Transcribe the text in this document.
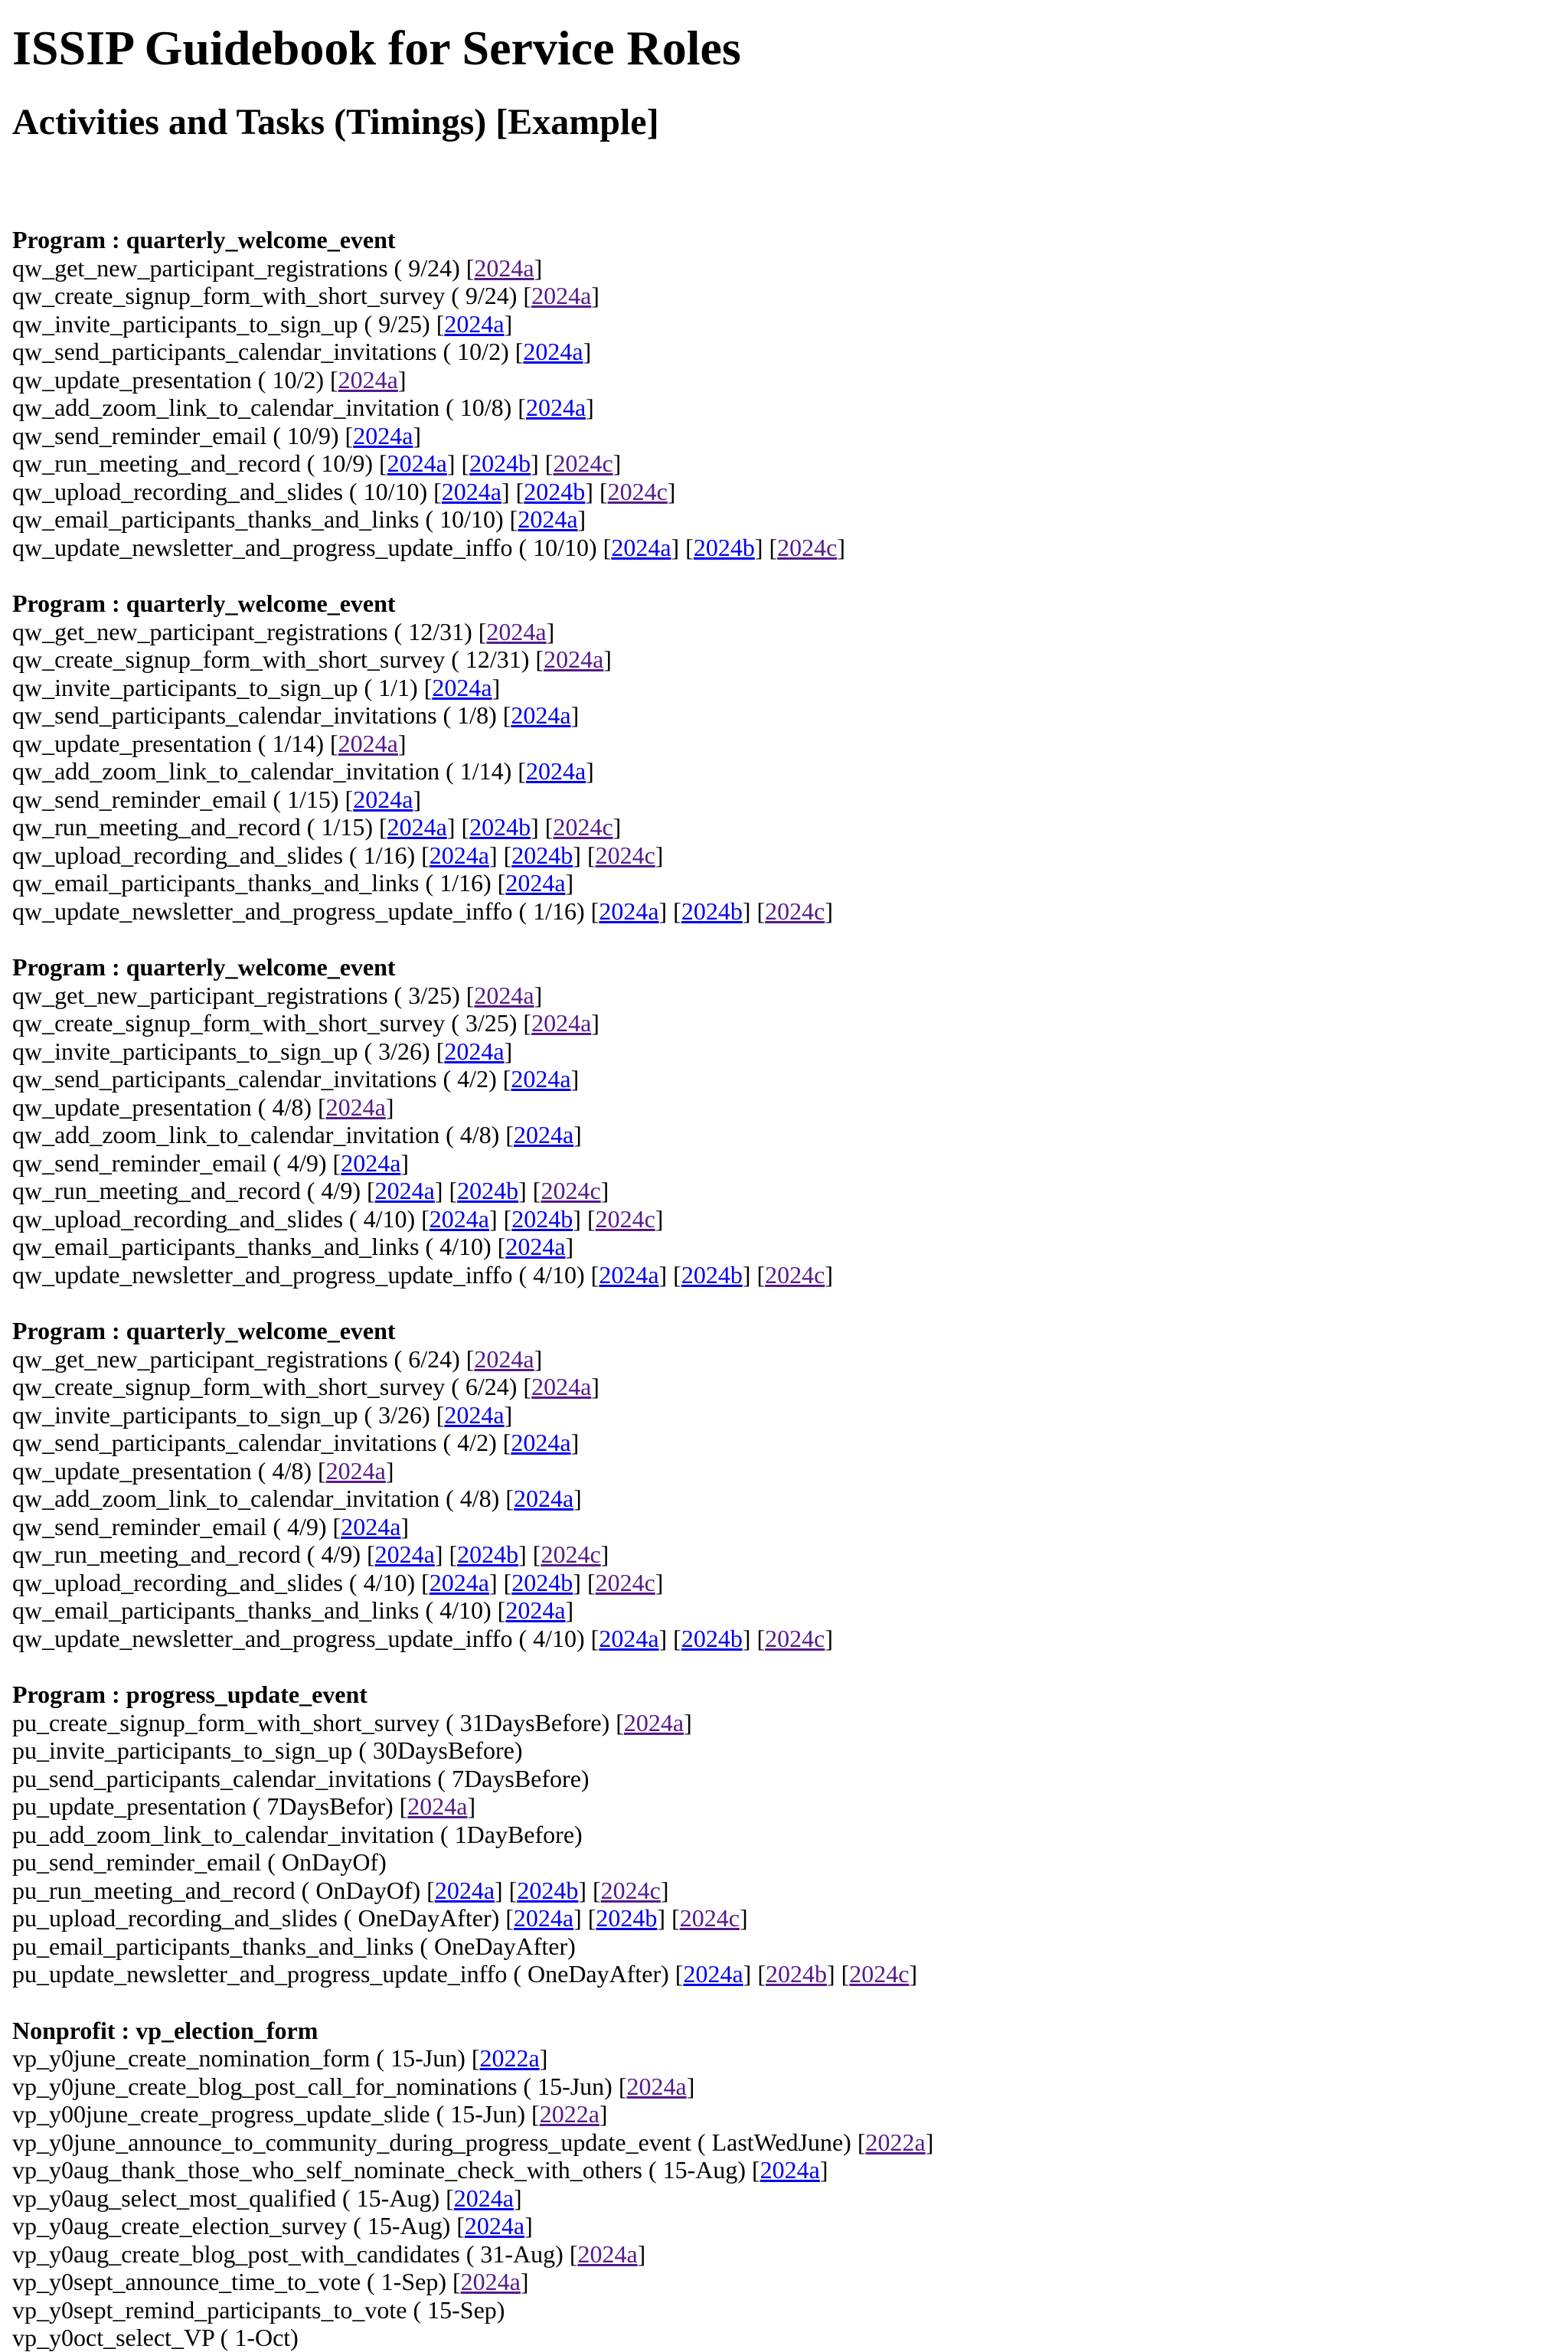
ISSIP Guidebook for Service Roles
Activities and Tasks (Timings) [Example]
Program : quarterly_welcome_event
qw_get_new_participant_registrations ( 9/24) [2024a]
qw_create_signup_form_with_short_survey ( 9/24) [2024a]
qw_invite_participants_to_sign_up ( 9/25) [2024a]
qw_send_participants_calendar_invitations ( 10/2) [2024a]
qw_update_presentation ( 10/2) [2024a]
qw_add_zoom_link_to_calendar_invitation ( 10/8) [2024a]
qw_send_reminder_email ( 10/9) [2024a]
qw_run_meeting_and_record ( 10/9) [2024a] [2024b] [2024c]
qw_upload_recording_and_slides ( 10/10) [2024a] [2024b] [2024c]
qw_email_participants_thanks_and_links ( 10/10) [2024a]
qw_update_newsletter_and_progress_update_inffo ( 10/10) [2024a] [2024b] [2024c]
Program : quarterly_welcome_event
qw_get_new_participant_registrations ( 12/31) [2024a]
qw_create_signup_form_with_short_survey ( 12/31) [2024a]
qw_invite_participants_to_sign_up ( 1/1) [2024a]
qw_send_participants_calendar_invitations ( 1/8) [2024a]
qw_update_presentation ( 1/14) [2024a]
qw_add_zoom_link_to_calendar_invitation ( 1/14) [2024a]
qw_send_reminder_email ( 1/15) [2024a]
qw_run_meeting_and_record ( 1/15) [2024a] [2024b] [2024c]
qw_upload_recording_and_slides ( 1/16) [2024a] [2024b] [2024c]
qw_email_participants_thanks_and_links ( 1/16) [2024a]
qw_update_newsletter_and_progress_update_inffo ( 1/16) [2024a] [2024b] [2024c]
Program : quarterly_welcome_event
qw_get_new_participant_registrations ( 3/25) [2024a]
qw_create_signup_form_with_short_survey ( 3/25) [2024a]
qw_invite_participants_to_sign_up ( 3/26) [2024a]
qw_send_participants_calendar_invitations ( 4/2) [2024a]
qw_update_presentation ( 4/8) [2024a]
qw_add_zoom_link_to_calendar_invitation ( 4/8) [2024a]
qw_send_reminder_email ( 4/9) [2024a]
qw_run_meeting_and_record ( 4/9) [2024a] [2024b] [2024c]
qw_upload_recording_and_slides ( 4/10) [2024a] [2024b] [2024c]
qw_email_participants_thanks_and_links ( 4/10) [2024a]
qw_update_newsletter_and_progress_update_inffo ( 4/10) [2024a] [2024b] [2024c]
Program : quarterly_welcome_event
qw_get_new_participant_registrations ( 6/24) [2024a]
qw_create_signup_form_with_short_survey ( 6/24) [2024a]
qw_invite_participants_to_sign_up ( 3/26) [2024a]
qw_send_participants_calendar_invitations ( 4/2) [2024a]
qw_update_presentation ( 4/8) [2024a]
qw_add_zoom_link_to_calendar_invitation ( 4/8) [2024a]
qw_send_reminder_email ( 4/9) [2024a]
qw_run_meeting_and_record ( 4/9) [2024a] [2024b] [2024c]
qw_upload_recording_and_slides ( 4/10) [2024a] [2024b] [2024c]
qw_email_participants_thanks_and_links ( 4/10) [2024a]
qw_update_newsletter_and_progress_update_inffo ( 4/10) [2024a] [2024b] [2024c]
Program : progress_update_event
pu_create_signup_form_with_short_survey ( 31DaysBefore) [2024a]
pu_invite_participants_to_sign_up ( 30DaysBefore)
pu_send_participants_calendar_invitations ( 7DaysBefore)
pu_update_presentation ( 7DaysBefor) [2024a]
pu_add_zoom_link_to_calendar_invitation ( 1DayBefore)
pu_send_reminder_email ( OnDayOf)
pu_run_meeting_and_record ( OnDayOf) [2024a] [2024b] [2024c]
pu_upload_recording_and_slides ( OneDayAfter) [2024a] [2024b] [2024c]
pu_email_participants_thanks_and_links ( OneDayAfter)
pu_update_newsletter_and_progress_update_inffo ( OneDayAfter) [2024a] [2024b] [2024c]
Nonprofit : vp_election_form
vp_y0june_create_nomination_form ( 15-Jun) [2022a]
vp_y0june_create_blog_post_call_for_nominations ( 15-Jun) [2024a]
vp_y00june_create_progress_update_slide ( 15-Jun) [2022a]
vp_y0june_announce_to_community_during_progress_update_event ( LastWedJune) [2022a]
vp_y0aug_thank_those_who_self_nominate_check_with_others ( 15-Aug) [2024a]
vp_y0aug_select_most_qualified ( 15-Aug) [2024a]
vp_y0aug_create_election_survey ( 15-Aug) [2024a]
vp_y0aug_create_blog_post_with_candidates ( 31-Aug) [2024a]
vp_y0sept_announce_time_to_vote ( 1-Sep) [2024a]
vp_y0sept_remind_participants_to_vote ( 15-Sep)
vp_y0oct_select_VP ( 1-Oct)
